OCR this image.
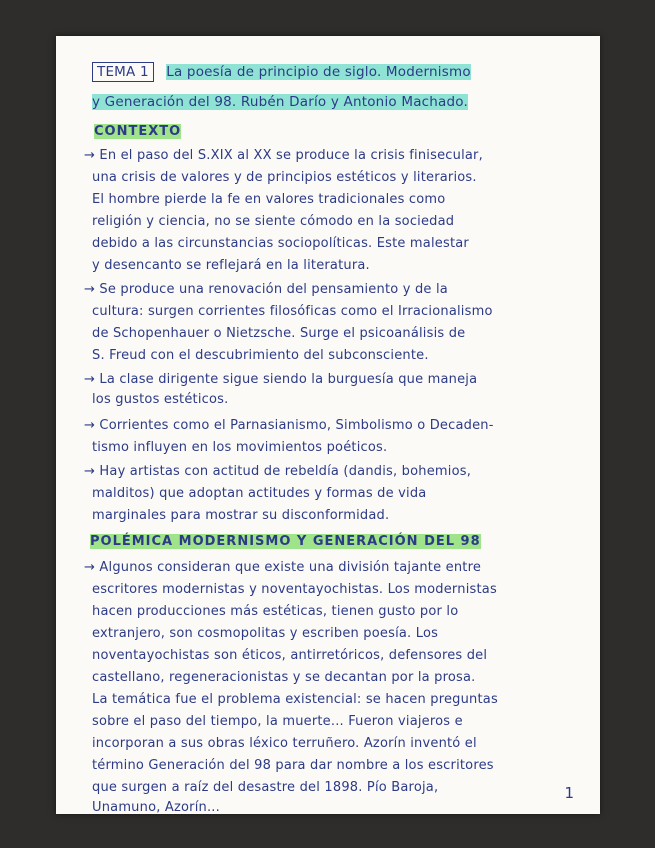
TEMA 1 La poesía de principio de siglo. Modernismo
y Generación del 98. Rubén Darío y Antonio Machado.
CONTEXTO
→ En el paso del S.XIX al XX se produce la crisis finisecular,
una crisis de valores y de principios estéticos y literarios.
El hombre pierde la fe en valores tradicionales como
religión y ciencia, no se siente cómodo en la sociedad
debido a las circunstancias sociopolíticas. Este malestar
y desencanto se reflejará en la literatura.
→ Se produce una renovación del pensamiento y de la
cultura: surgen corrientes filosóficas como el Irracionalismo
de Schopenhauer o Nietzsche. Surge el psicoanálisis de
S. Freud con el descubrimiento del subconsciente.
→ La clase dirigente sigue siendo la burguesía que maneja
los gustos estéticos.
→ Corrientes como el Parnasianismo, Simbolismo o Decaden-
tismo influyen en los movimientos poéticos.
→ Hay artistas con actitud de rebeldía (dandis, bohemios,
malditos) que adoptan actitudes y formas de vida
marginales para mostrar su disconformidad.
POLÉMICA MODERNISMO Y GENERACIÓN DEL 98
→ Algunos consideran que existe una división tajante entre
escritores modernistas y noventayochistas. Los modernistas
hacen producciones más estéticas, tienen gusto por lo
extranjero, son cosmopolitas y escriben poesía. Los
noventayochistas son éticos, antirretóricos, defensores del
castellano, regeneracionistas y se decantan por la prosa.
La temática fue el problema existencial: se hacen preguntas
sobre el paso del tiempo, la muerte... Fueron viajeros e
incorporan a sus obras léxico terruñero. Azorín inventó el
término Generación del 98 para dar nombre a los escritores
que surgen a raíz del desastre del 1898. Pío Baroja,
Unamuno, Azorín...
1
